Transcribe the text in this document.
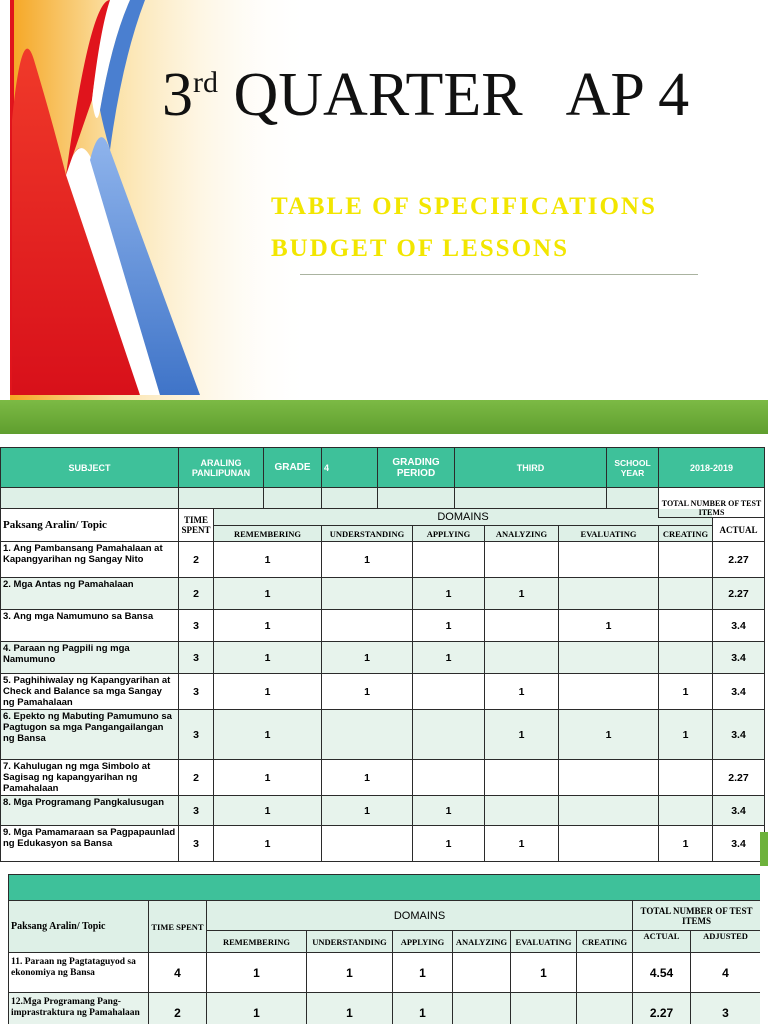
3rd QUARTER   AP 4

TABLE OF SPECIFICATIONS

BUDGET OF LESSONS

SUBJECT	ARALING PANLIPUNAN		GRADE	4	GRADING PERIOD		THIRD			SCHOOL YEAR	2018-2019		
											TOTAL NUMBER OF TEST ITEMS		
Paksang Aralin/ Topic	TIME SPENT	DOMAINS											
												ACTUAL	
		REMEMBERING		UNDERSTANDING		APPLYING		ANALYZING	EVALUATING		CREATING		
1. Ang Pambansang Pamahalaan at Kapangyarihan ng Sangay Nito	2	1		1								2.27	
2. Mga Antas ng Pamahalaan	2	1				1		1				2.27	
3. Ang mga Namumuno sa Bansa	3	1				1			1			3.4	
4. Paraan ng Pagpili ng mga Namumuno	3	1		1		1						3.4	
5. Paghihiwalay ng Kapangyarihan at Check and Balance sa mga Sangay ng Pamahalaan	3	1		1				1			1	3.4	
6. Epekto ng Mabuting Pamumuno sa Pagtugon sa mga Pangangailangan ng Bansa	3	1						1	1		1	3.4	
7. Kahulugan ng mga Simbolo at Sagisag ng kapangyarihan ng Pamahalaan	2	1		1								2.27	
8. Mga Programang Pangkalusugan	3	1		1		1						3.4	
9. Mga Pamamaraan sa Pagpapaunlad ng Edukasyon sa Bansa	3	1				1		1			1	3.4	

Paksang Aralin/ Topic	TIME SPENT	DOMAINS						TOTAL NUMBER OF TEST ITEMS	
		REMEMBERING	UNDERSTANDING	APPLYING	ANALYZING	EVALUATING	CREATING	ACTUAL	ADJUSTED
11. Paraan ng Pagtataguyod sa ekonomiya ng Bansa	4	1	1	1		1		4.54	4
12.Mga Programang Pang-imprastraktura ng Pamahalaan	2	1	1	1				2.27	3
